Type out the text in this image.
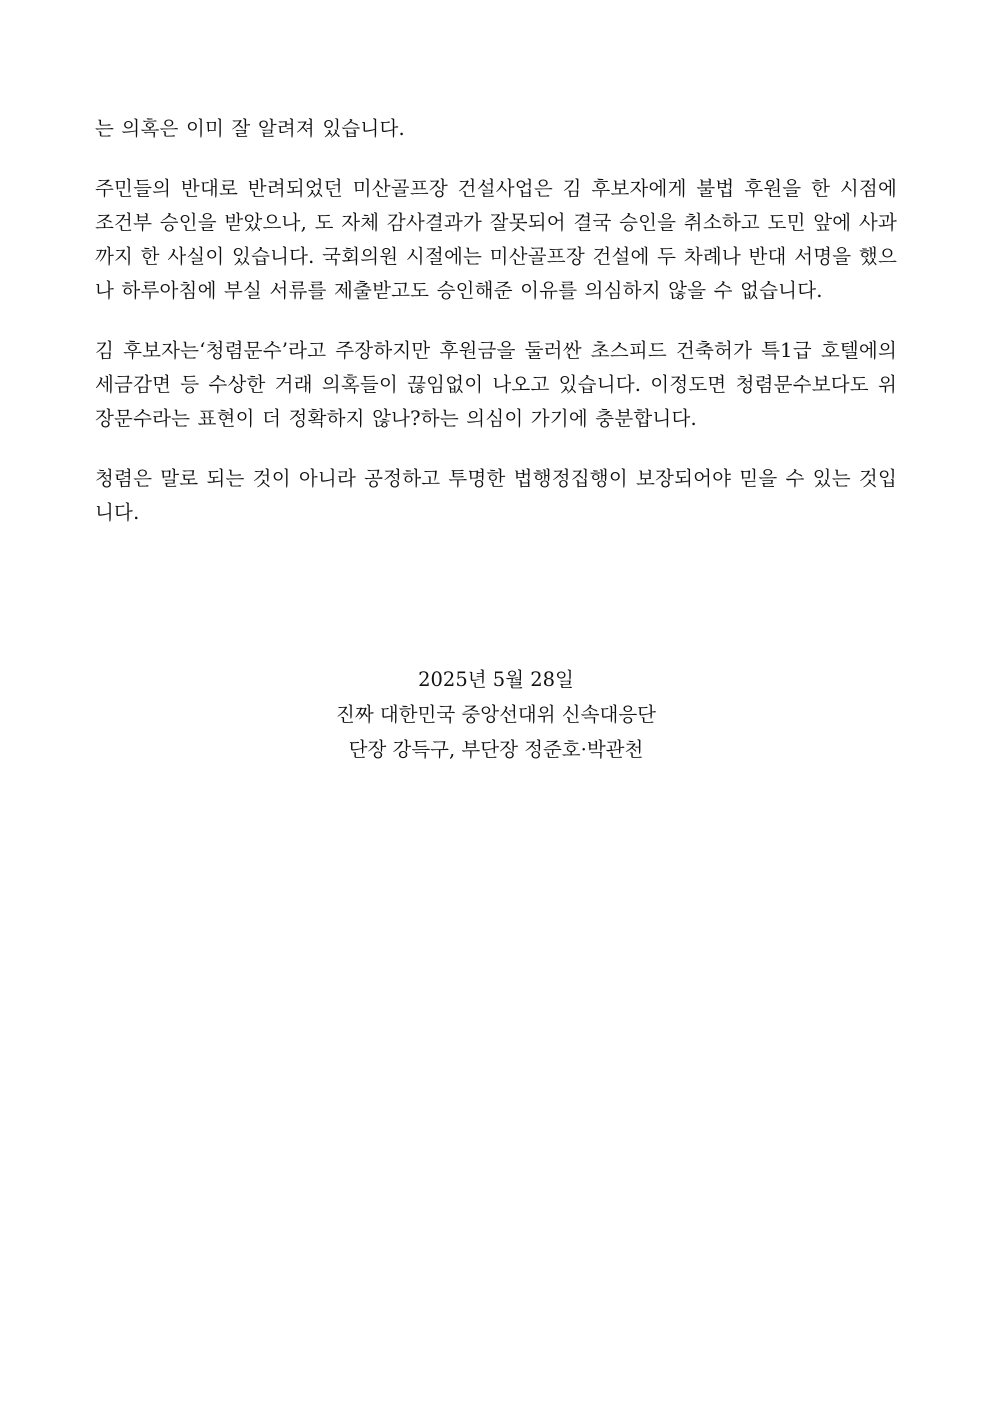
는 의혹은 이미 잘 알려져 있습니다.

주민들의 반대로 반려되었던 미산골프장 건설사업은 김 후보자에게 불법 후원을 한 시점에 조건부 승인을 받았으나, 도 자체 감사결과가 잘못되어 결국 승인을 취소하고 도민 앞에 사과까지 한 사실이 있습니다. 국회의원 시절에는 미산골프장 건설에 두 차례나 반대 서명을 했으나 하루아침에 부실 서류를 제출받고도 승인해준 이유를 의심하지 않을 수 없습니다.

김 후보자는‘청렴문수’라고 주장하지만 후원금을 둘러싼 초스피드 건축허가 특1급 호텔에의 세금감면 등 수상한 거래 의혹들이 끊임없이 나오고 있습니다. 이정도면 청렴문수보다도 위장문수라는 표현이 더 정확하지 않나?하는 의심이 가기에 충분합니다.

청렴은 말로 되는 것이 아니라 공정하고 투명한 법행정집행이 보장되어야 믿을 수 있는 것입니다.

2025년 5월 28일
진짜 대한민국 중앙선대위 신속대응단
단장 강득구, 부단장 정준호·박관천
